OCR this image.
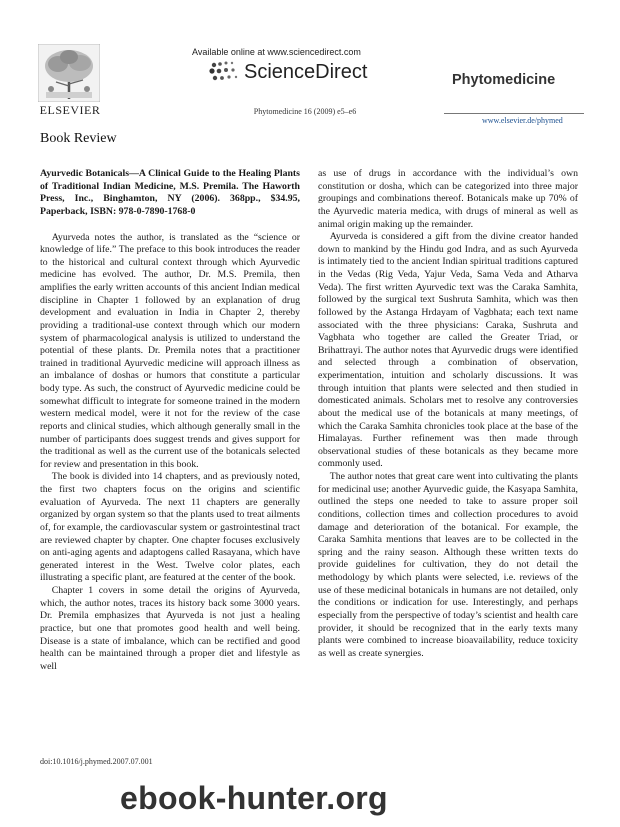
ELSEVIER
Available online at www.sciencedirect.com
ScienceDirect	Phytomedicine
Phytomedicine 16 (2009) e5–e6
www.elsevier.de/phymed
Book Review

Ayurvedic Botanicals—A Clinical Guide to the Healing Plants of Traditional Indian Medicine, M.S. Premila. The Haworth Press, Inc., Binghamton, NY (2006). 368pp., $34.95, Paperback, ISBN: 978-0-7890-1768-0

Ayurveda notes the author, is translated as the “science or knowledge of life.” The preface to this book introduces the reader to the historical and cultural context through which Ayurvedic medicine has evolved. The author, Dr. M.S. Premila, then amplifies the early written accounts of this ancient Indian medical discipline in Chapter 1 followed by an explanation of drug development and evaluation in India in Chapter 2, thereby providing a traditional-use context through which our modern system of pharmacological analysis is utilized to understand the potential of these plants. Dr. Premila notes that a practitioner trained in traditional Ayurvedic medicine will approach illness as an imbalance of doshas or humors that constitute a particular body type. As such, the construct of Ayurvedic medicine could be somewhat difficult to integrate for someone trained in the modern western medical model, were it not for the review of the case reports and clinical studies, which although generally small in the number of participants does suggest trends and gives support for the traditional as well as the current use of the botanicals selected for review and presentation in this book.

The book is divided into 14 chapters, and as previously noted, the first two chapters focus on the origins and scientific evaluation of Ayurveda. The next 11 chapters are generally organized by organ system so that the plants used to treat ailments of, for example, the cardiovascular system or gastrointestinal tract are reviewed chapter by chapter. One chapter focuses exclusively on anti-aging agents and adaptogens called Rasayana, which have generated interest in the West. Twelve color plates, each illustrating a specific plant, are featured at the center of the book.

Chapter 1 covers in some detail the origins of Ayurveda, which, the author notes, traces its history back some 3000 years. Dr. Premila emphasizes that Ayurveda is not just a healing practice, but one that promotes good health and well being. Disease is a state of imbalance, which can be rectified and good health can be maintained through a proper diet and lifestyle as well

as use of drugs in accordance with the individual’s own constitution or dosha, which can be categorized into three major groupings and combinations thereof. Botanicals make up 70% of the Ayurvedic materia medica, with drugs of mineral as well as animal origin making up the remainder.

Ayurveda is considered a gift from the divine creator handed down to mankind by the Hindu god Indra, and as such Ayurveda is intimately tied to the ancient Indian spiritual traditions captured in the Vedas (Rig Veda, Yajur Veda, Sama Veda and Atharva Veda). The first written Ayurvedic text was the Caraka Samhita, followed by the surgical text Sushruta Samhita, which was then followed by the Astanga Hrdayam of Vagbhata; each text name associated with the three physicians: Caraka, Sushruta and Vagbhata who together are called the Greater Triad, or Brihattrayi. The author notes that Ayurvedic drugs were identified and selected through a combination of observation, experimentation, intuition and scholarly discussions. It was through intuition that plants were selected and then studied in domesticated animals. Scholars met to resolve any controversies about the medical use of the botanicals at many meetings, of which the Caraka Samhita chronicles took place at the base of the Himalayas. Further refinement was then made through observational studies of these botanicals as they became more commonly used.

The author notes that great care went into cultivating the plants for medicinal use; another Ayurvedic guide, the Kasyapa Samhita, outlined the steps one needed to take to assure proper soil conditions, collection times and collection procedures to avoid damage and deterioration of the botanical. For example, the Caraka Samhita mentions that leaves are to be collected in the spring and the rainy season. Although these written texts do provide guidelines for cultivation, they do not detail the methodology by which plants were selected, i.e. reviews of the use of these medicinal botanicals in humans are not detailed, only the conditions or indication for use. Interestingly, and perhaps especially from the perspective of today’s scientist and health care provider, it should be recognized that in the early texts many plants were combined to increase bioavailability, reduce toxicity as well as create synergies.

doi:10.1016/j.phymed.2007.07.001
ebook-hunter.org
